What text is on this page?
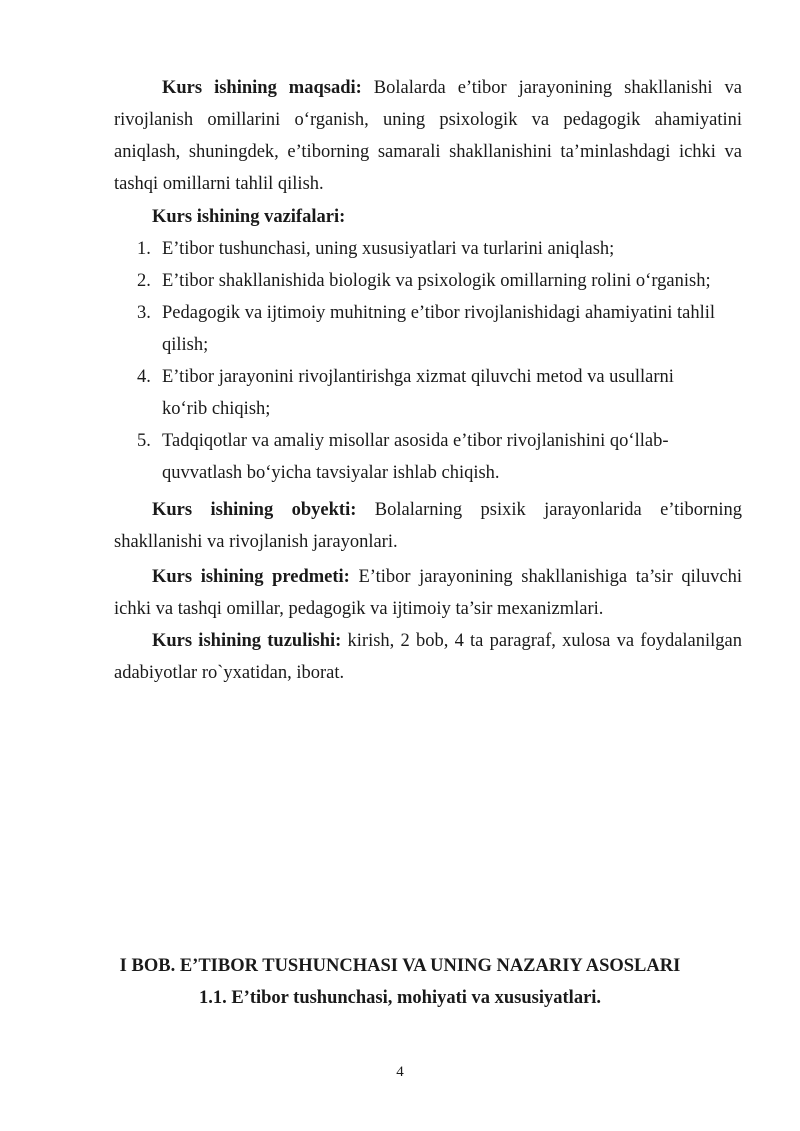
Kurs ishining maqsadi: Bolalarda e’tibor jarayonining shakllanishi va rivojlanish omillarini o‘rganish, uning psixologik va pedagogik ahamiyatini aniqlash, shuningdek, e’tiborning samarali shakllanishini ta’minlashdagi ichki va tashqi omillarni tahlil qilish.

Kurs ishining vazifalari:

1. E’tibor tushunchasi, uning xususiyatlari va turlarini aniqlash;
2. E’tibor shakllanishida biologik va psixologik omillarning rolini o‘rganish;
3. Pedagogik va ijtimoiy muhitning e’tibor rivojlanishidagi ahamiyatini tahlil qilish;
4. E’tibor jarayonini rivojlantirishga xizmat qiluvchi metod va usullarni ko‘rib chiqish;
5. Tadqiqotlar va amaliy misollar asosida e’tibor rivojlanishini qo‘llab-quvvatlash bo‘yicha tavsiyalar ishlab chiqish.

Kurs ishining obyekti: Bolalarning psixik jarayonlarida e’tiborning shakllanishi va rivojlanish jarayonlari.

Kurs ishining predmeti: E’tibor jarayonining shakllanishiga ta’sir qiluvchi ichki va tashqi omillar, pedagogik va ijtimoiy ta’sir mexanizmlari.

Kurs ishining tuzulishi: kirish, 2 bob, 4 ta paragraf, xulosa va foydalanilgan adabiyotlar ro`yxatidan, iborat.

I BOB. E’TIBOR TUSHUNCHASI VA UNING NAZARIY ASOSLARI

1.1. E’tibor tushunchasi, mohiyati va xususiyatlari.

4
